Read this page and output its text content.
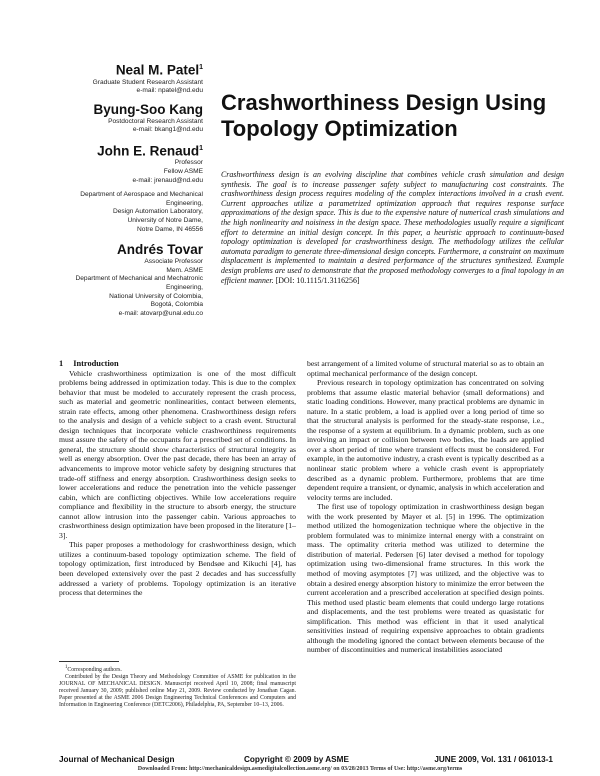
Neal M. Patel$^1$
Graduate Student Research Assistant
e-mail: npatel@nd.edu
Byung-Soo Kang
Postdoctoral Research Assistant
e-mail: bkang1@nd.edu
John E. Renaud$^1$
Professor
Fellow ASME
e-mail: jrenaud@nd.edu
Department of Aerospace and Mechanical
Engineering,
Design Automation Laboratory,
University of Notre Dame,
Notre Dame, IN 46556
Andrés Tovar
Associate Professor
Mem. ASME
Department of Mechanical and Mechatronic
Engineering,
National University of Colombia,
Bogotá, Colombia
e-mail: atovarp@unal.edu.co
Crashworthiness Design Using
Topology Optimization
Crashworthiness design is an evolving discipline that combines vehicle crash simulation and design synthesis. The goal is to increase passenger safety subject to manufacturing cost constraints. The crashworthiness design process requires modeling of the complex interactions involved in a crash event. Current approaches utilize a parametrized optimization approach that requires response surface approximations of the design space. This is due to the expensive nature of numerical crash simulations and the high nonlinearity and noisiness in the design space. These methodologies usually require a significant effort to determine an initial design concept. In this paper, a heuristic approach to continuum-based topology optimization is developed for crashworthiness design. The methodology utilizes the cellular automata paradigm to generate three-dimensional design concepts. Furthermore, a constraint on maximum displacement is implemented to maintain a desired performance of the structures synthesized. Example design problems are used to demonstrate that the proposed methodology converges to a final topology in an efficient manner. [DOI: 10.1115/1.3116256]

1 Introduction

Vehicle crashworthiness optimization is one of the most difficult problems being addressed in optimization today. This is due to the complex behavior that must be modeled to accurately represent the crash process, such as material and geometric nonlinearities, contact between elements, strain rate effects, among other phenomena. Crashworthiness design refers to the analysis and design of a vehicle subject to a crash event. Structural design techniques that incorporate vehicle crashworthiness requirements must assure the safety of the occupants for a prescribed set of conditions. In general, the structure should show characteristics of structural integrity as well as energy absorption. Over the past decade, there has been an array of advancements to improve motor vehicle safety by designing structures that trade-off stiffness and energy absorption. Crashworthiness design seeks to lower accelerations and reduce the penetration into the vehicle passenger cabin, which are conflicting objectives. While low accelerations require compliance and flexibility in the structure to absorb energy, the structure cannot allow intrusion into the passenger cabin. Various approaches to crashworthiness design optimization have been proposed in the literature [1–3].

This paper proposes a methodology for crashworthiness design, which utilizes a continuum-based topology optimization scheme. The field of topology optimization, first introduced by Bendsøe and Kikuchi [4], has been developed extensively over the past 2 decades and has successfully addressed a variety of problems. Topology optimization is an iterative process that determines the

$^1$Corresponding authors.

Contributed by the Design Theory and Methodology Committee of ASME for publication in the JOURNAL OF MECHANICAL DESIGN. Manuscript received April 10, 2008; final manuscript received January 30, 2009; published online May 21, 2009. Review conducted by Jonathan Cagan. Paper presented at the ASME 2006 Design Engineering Technical Conferences and Computers and Information in Engineering Conference (DETC2006), Philadelphia, PA, September 10–13, 2006.

best arrangement of a limited volume of structural material so as to obtain an optimal mechanical performance of the design concept.

Previous research in topology optimization has concentrated on solving problems that assume elastic material behavior (small deformations) and static loading conditions. However, many practical problems are dynamic in nature. In a static problem, a load is applied over a long period of time so that the structural analysis is performed for the steady-state response, i.e., the response of a system at equilibrium. In a dynamic problem, such as one involving an impact or collision between two bodies, the loads are applied over a short period of time where transient effects must be considered. For example, in the automotive industry, a crash event is typically described as a nonlinear static problem where a vehicle crash event is appropriately described as a dynamic problem. Furthermore, problems that are time dependent require a transient, or dynamic, analysis in which acceleration and velocity terms are included.

The first use of topology optimization in crashworthiness design began with the work presented by Mayer et al. [5] in 1996. The optimization method utilized the homogenization technique where the objective in the problem formulated was to minimize internal energy with a constraint on mass. The optimality criteria method was utilized to determine the distribution of material. Pedersen [6] later devised a method for topology optimization using two-dimensional frame structures. In this work the method of moving asymptotes [7] was utilized, and the objective was to obtain a desired energy absorption history to minimize the error between the current acceleration and a prescribed acceleration at specified design points. This method used plastic beam elements that could undergo large rotations and displacements, and the test problems were treated as quasistatic for simplification. This method was efficient in that it used analytical sensitivities instead of requiring expensive approaches to obtain gradients although the modeling ignored the contact between elements because of the number of discontinuities and numerical instabilities associated

Journal of Mechanical Design	Copyright © 2009 by ASME	JUNE 2009, Vol. 131 / 061013-1
Downloaded From: http://mechanicaldesign.asmedigitalcollection.asme.org/ on 03/28/2013 Terms of Use: http://asme.org/terms
